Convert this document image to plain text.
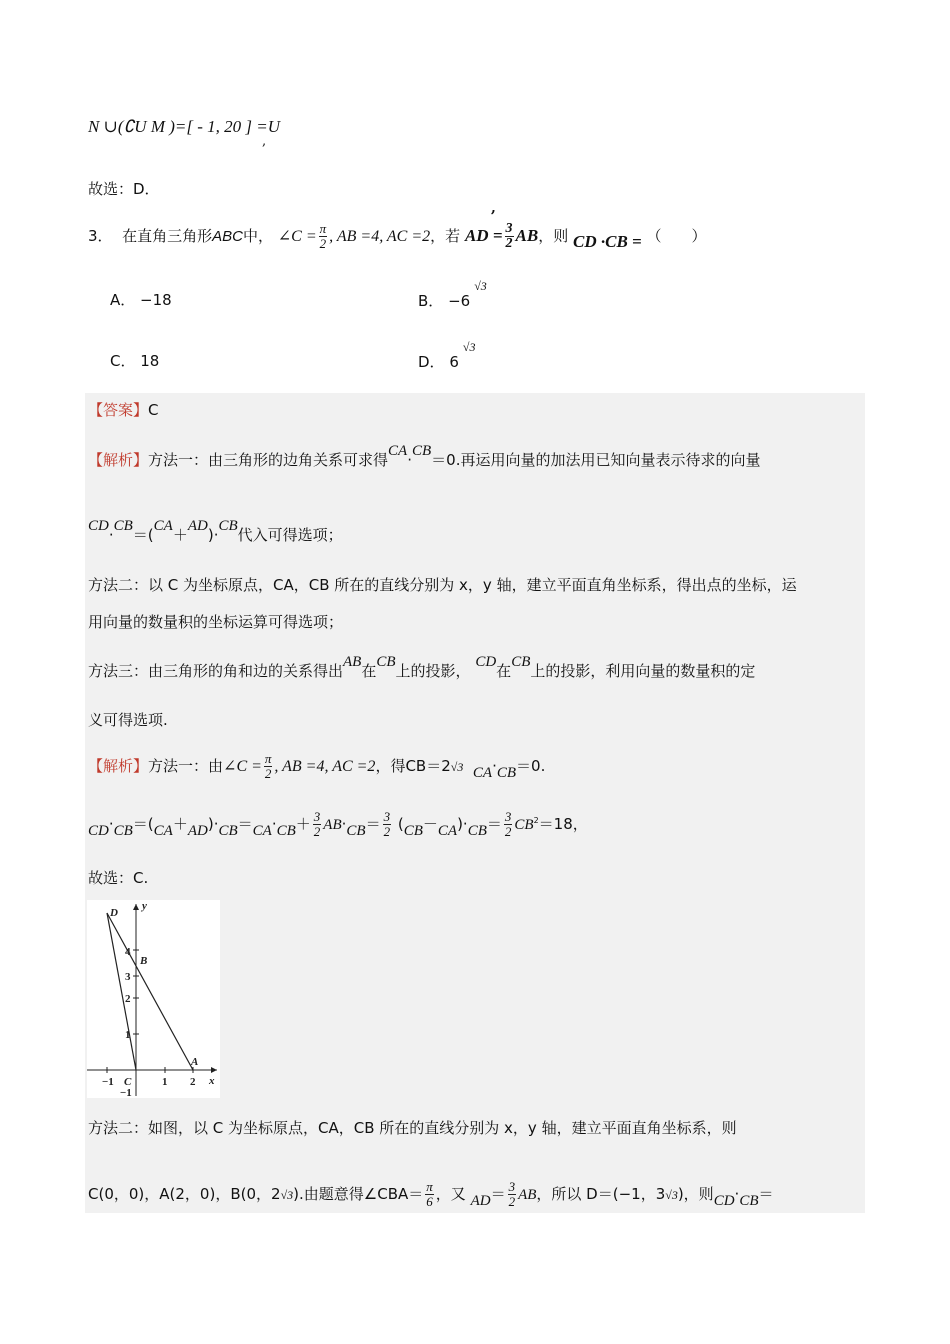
N ∪(∁U M )=[ - 1, 20 ] =U
,
故选：D．
3． 在直角三角形ABC中， ∠C = $\frac{\pi}{2}$ , AB =4, AC =2，若 AD = $\frac{3}{2}$ AB，则 CD ·CB = （　　）
,
A． −18	B． $-6^{√3}$
C． 18	D． $6^{√3}$
【答案】C
【解析】方法一：由三角形的边角关系可求得CA·CB＝0.再运用向量的加法用已知向量表示待求的向量
CD·CB＝(CA＋AD)·CB代入可得选项；
方法二：以 C 为坐标原点，CA，CB 所在的直线分别为 x，y 轴，建立平面直角坐标系，得出点的坐标，运
用向量的数量积的坐标运算可得选项；
方法三：由三角形的角和边的关系得出AB在CB上的投影， CD在CB上的投影，利用向量的数量积的定
义可得选项.
【解析】方法一：由∠C = $\frac{\pi}{2}$ , AB =4, AC =2，得$CB=2^{√3}$ CA·CB＝0.
$CD\cdot CB=(CA+AD)\cdot CB=CA\cdot CB+ \frac{3}{2} AB\cdot CB= \frac{3}{2} (CB-CA)\cdot CB= \frac{3}{2} CB^2=18$，
故选：C.
D
y
4
B
3
2
1
A
−1 C	1 2 x
−1
方法二：如图，以 C 为坐标原点，CA，CB 所在的直线分别为 x，y 轴，建立平面直角坐标系，则
C(0，0)，A(2，0)，B(0，$2^{√3}$).由题意得∠CBA＝ $\frac{\pi}{6}$ ，又 $AD= \frac{3}{2}$ AB，所以 D＝(−1，$3^{√3}$)，则CD·CB＝
